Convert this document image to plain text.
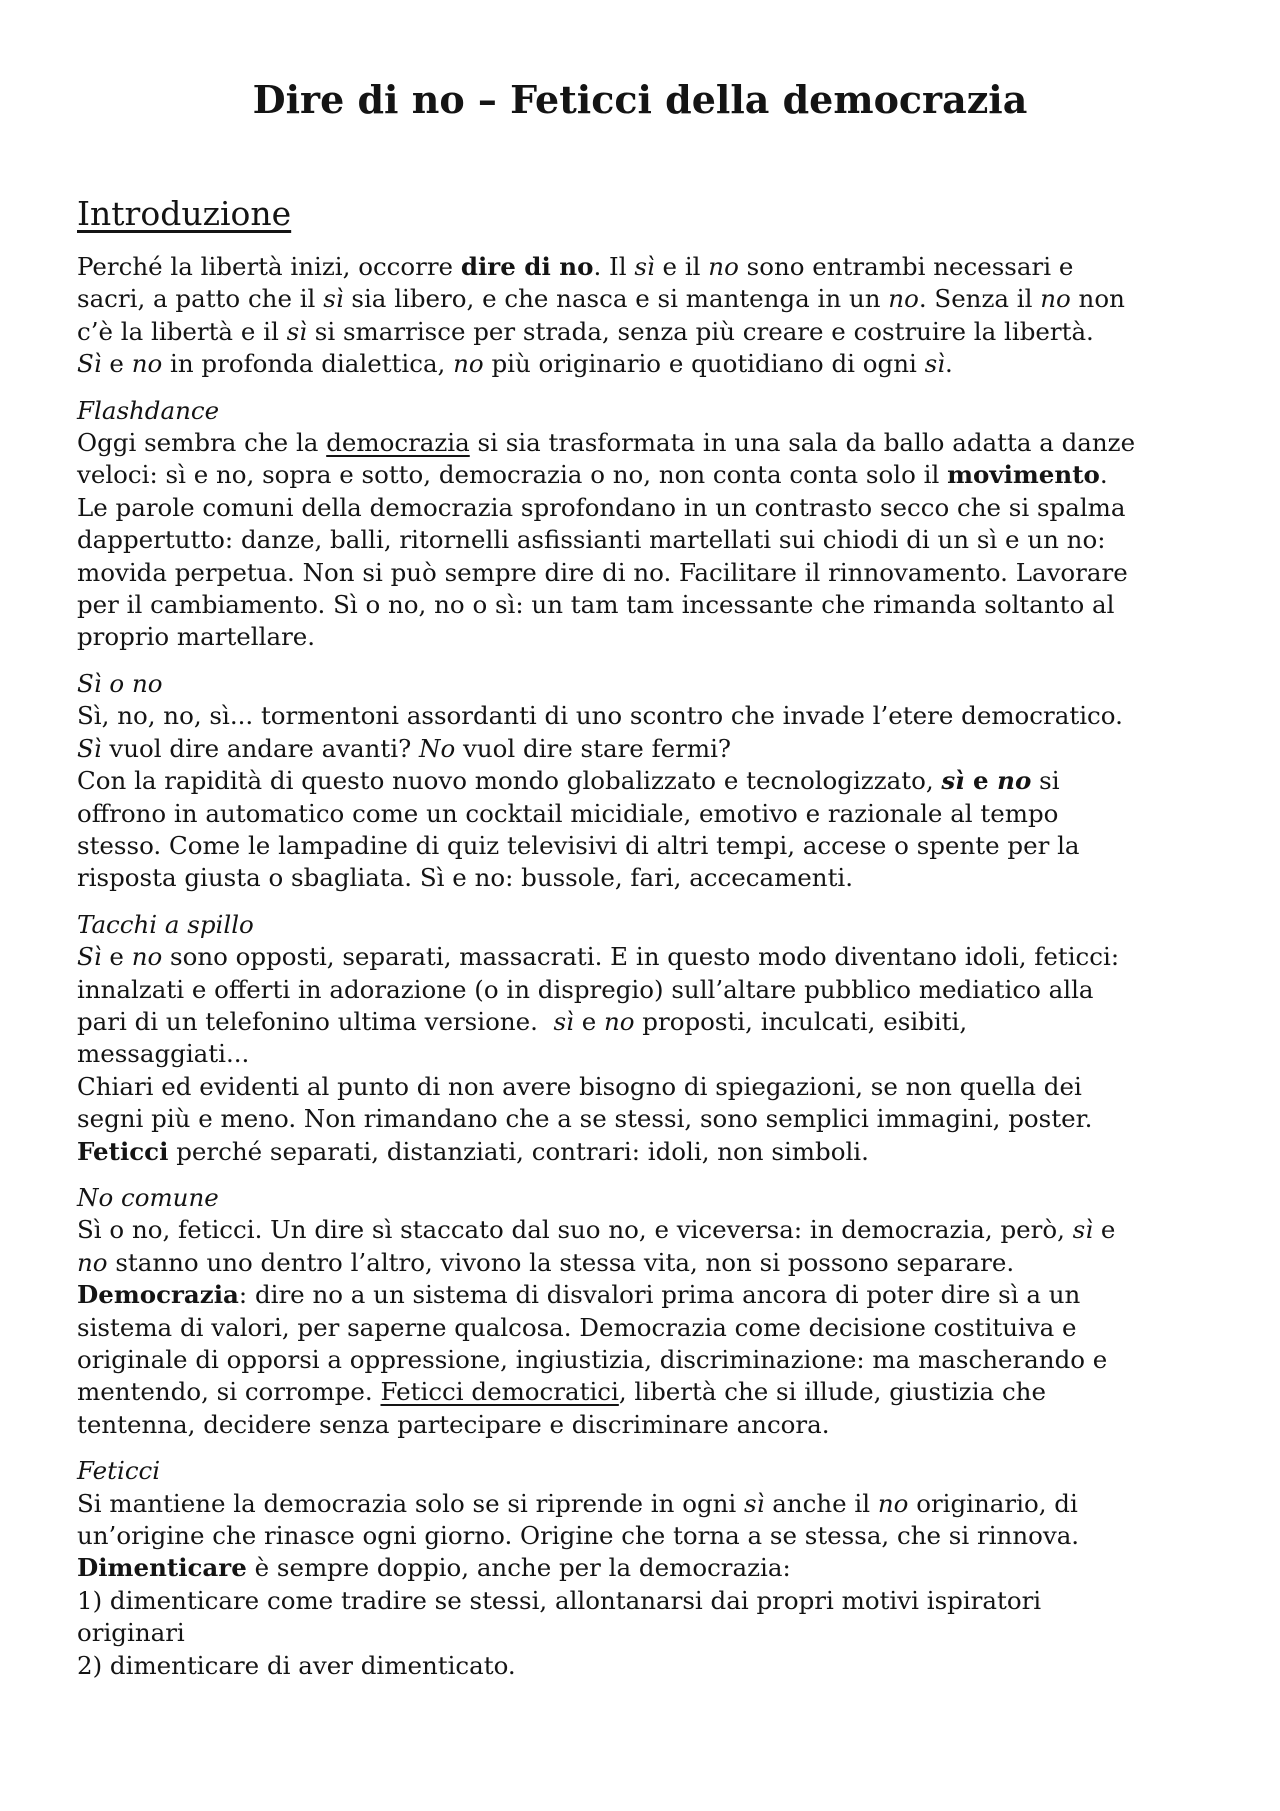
Dire di no – Feticci della democrazia
Introduzione

Perché la libertà inizi, occorre dire di no. Il sì e il no sono entrambi necessari e
sacri, a patto che il sì sia libero, e che nasca e si mantenga in un no. Senza il no non
c’è la libertà e il sì si smarrisce per strada, senza più creare e costruire la libertà.
Sì e no in profonda dialettica, no più originario e quotidiano di ogni sì.

Flashdance
Oggi sembra che la democrazia si sia trasformata in una sala da ballo adatta a danze
veloci: sì e no, sopra e sotto, democrazia o no, non conta conta solo il movimento.
Le parole comuni della democrazia sprofondano in un contrasto secco che si spalma
dappertutto: danze, balli, ritornelli asfissianti martellati sui chiodi di un sì e un no:
movida perpetua. Non si può sempre dire di no. Facilitare il rinnovamento. Lavorare
per il cambiamento. Sì o no, no o sì: un tam tam incessante che rimanda soltanto al
proprio martellare.

Sì o no
Sì, no, no, sì... tormentoni assordanti di uno scontro che invade l’etere democratico.
Sì vuol dire andare avanti? No vuol dire stare fermi?
Con la rapidità di questo nuovo mondo globalizzato e tecnologizzato, sì e no si
offrono in automatico come un cocktail micidiale, emotivo e razionale al tempo
stesso. Come le lampadine di quiz televisivi di altri tempi, accese o spente per la
risposta giusta o sbagliata. Sì e no: bussole, fari, accecamenti.

Tacchi a spillo
Sì e no sono opposti, separati, massacrati. E in questo modo diventano idoli, feticci:
innalzati e offerti in adorazione (o in dispregio) sull’altare pubblico mediatico alla
pari di un telefonino ultima versione.  sì e no proposti, inculcati, esibiti,
messaggiati...
Chiari ed evidenti al punto di non avere bisogno di spiegazioni, se non quella dei
segni più e meno. Non rimandano che a se stessi, sono semplici immagini, poster.
Feticci perché separati, distanziati, contrari: idoli, non simboli.

No comune
Sì o no, feticci. Un dire sì staccato dal suo no, e viceversa: in democrazia, però, sì e
no stanno uno dentro l’altro, vivono la stessa vita, non si possono separare.
Democrazia: dire no a un sistema di disvalori prima ancora di poter dire sì a un
sistema di valori, per saperne qualcosa. Democrazia come decisione costituiva e
originale di opporsi a oppressione, ingiustizia, discriminazione: ma mascherando e
mentendo, si corrompe. Feticci democratici, libertà che si illude, giustizia che
tentenna, decidere senza partecipare e discriminare ancora.

Feticci
Si mantiene la democrazia solo se si riprende in ogni sì anche il no originario, di
un’origine che rinasce ogni giorno. Origine che torna a se stessa, che si rinnova.
Dimenticare è sempre doppio, anche per la democrazia:
1) dimenticare come tradire se stessi, allontanarsi dai propri motivi ispiratori
originari
2) dimenticare di aver dimenticato.
